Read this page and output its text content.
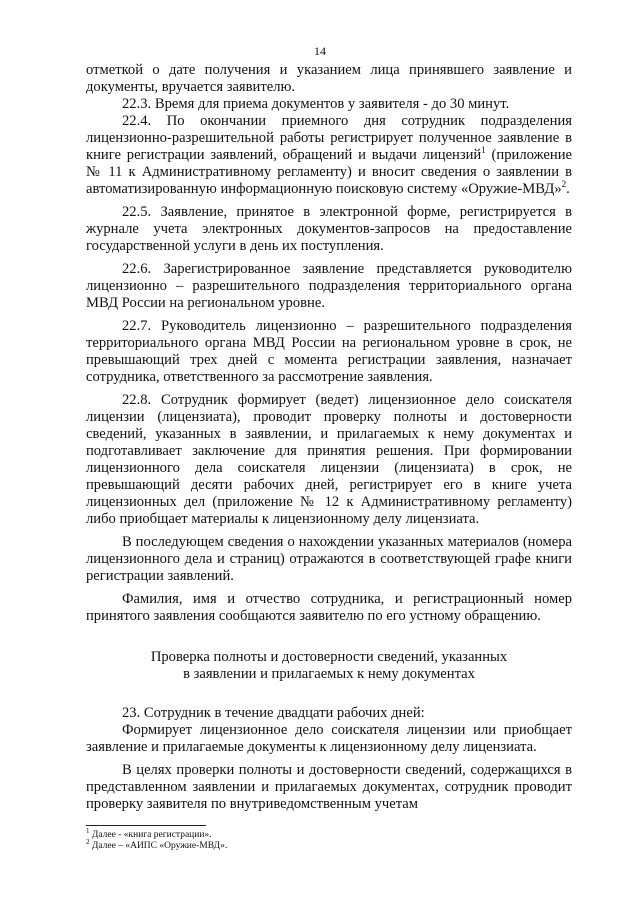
14

отметкой о дате получения и указанием лица принявшего заявление и документы, вручается заявителю.

22.3. Время для приема документов у заявителя - до 30 минут.

22.4. По окончании приемного дня сотрудник подразделения лицензионно-разрешительной работы регистрирует полученное заявление в книге регистрации заявлений, обращений и выдачи лицензий$^1$ (приложение № 11 к Административному регламенту) и вносит сведения о заявлении в автоматизированную информационную поисковую систему «Оружие-МВД»$^2$.

22.5. Заявление, принятое в электронной форме, регистрируется в журнале учета электронных документов-запросов на предоставление государственной услуги в день их поступления.

22.6. Зарегистрированное заявление представляется руководителю лицензионно – разрешительного подразделения территориального органа МВД России на региональном уровне.

22.7. Руководитель лицензионно – разрешительного подразделения территориального органа МВД России на региональном уровне в срок, не превышающий трех дней с момента регистрации заявления, назначает сотрудника, ответственного за рассмотрение заявления.

22.8. Сотрудник формирует (ведет) лицензионное дело соискателя лицензии (лицензиата), проводит проверку полноты и достоверности сведений, указанных в заявлении, и прилагаемых к нему документах и подготавливает заключение для принятия решения. При формировании лицензионного дела соискателя лицензии (лицензиата) в срок, не превышающий десяти рабочих дней, регистрирует его в книге учета лицензионных дел (приложение № 12 к Административному регламенту) либо приобщает материалы к лицензионному делу лицензиата.

В последующем сведения о нахождении указанных материалов (номера лицензионного дела и страниц) отражаются в соответствующей графе книги регистрации заявлений.

Фамилия, имя и отчество сотрудника, и регистрационный номер принятого заявления сообщаются заявителю по его устному обращению.

Проверка полноты и достоверности сведений, указанных
в заявлении и прилагаемых к нему документах

23. Сотрудник в течение двадцати рабочих дней:

Формирует лицензионное дело соискателя лицензии или приобщает заявление и прилагаемые документы к лицензионному делу лицензиата.

В целях проверки полноты и достоверности сведений, содержащихся в представленном заявлении и прилагаемых документах, сотрудник проводит проверку заявителя по внутриведомственным учетам

$^1$ Далее - «книга регистрации».
$^2$ Далее – «АИПС «Оружие-МВД».
